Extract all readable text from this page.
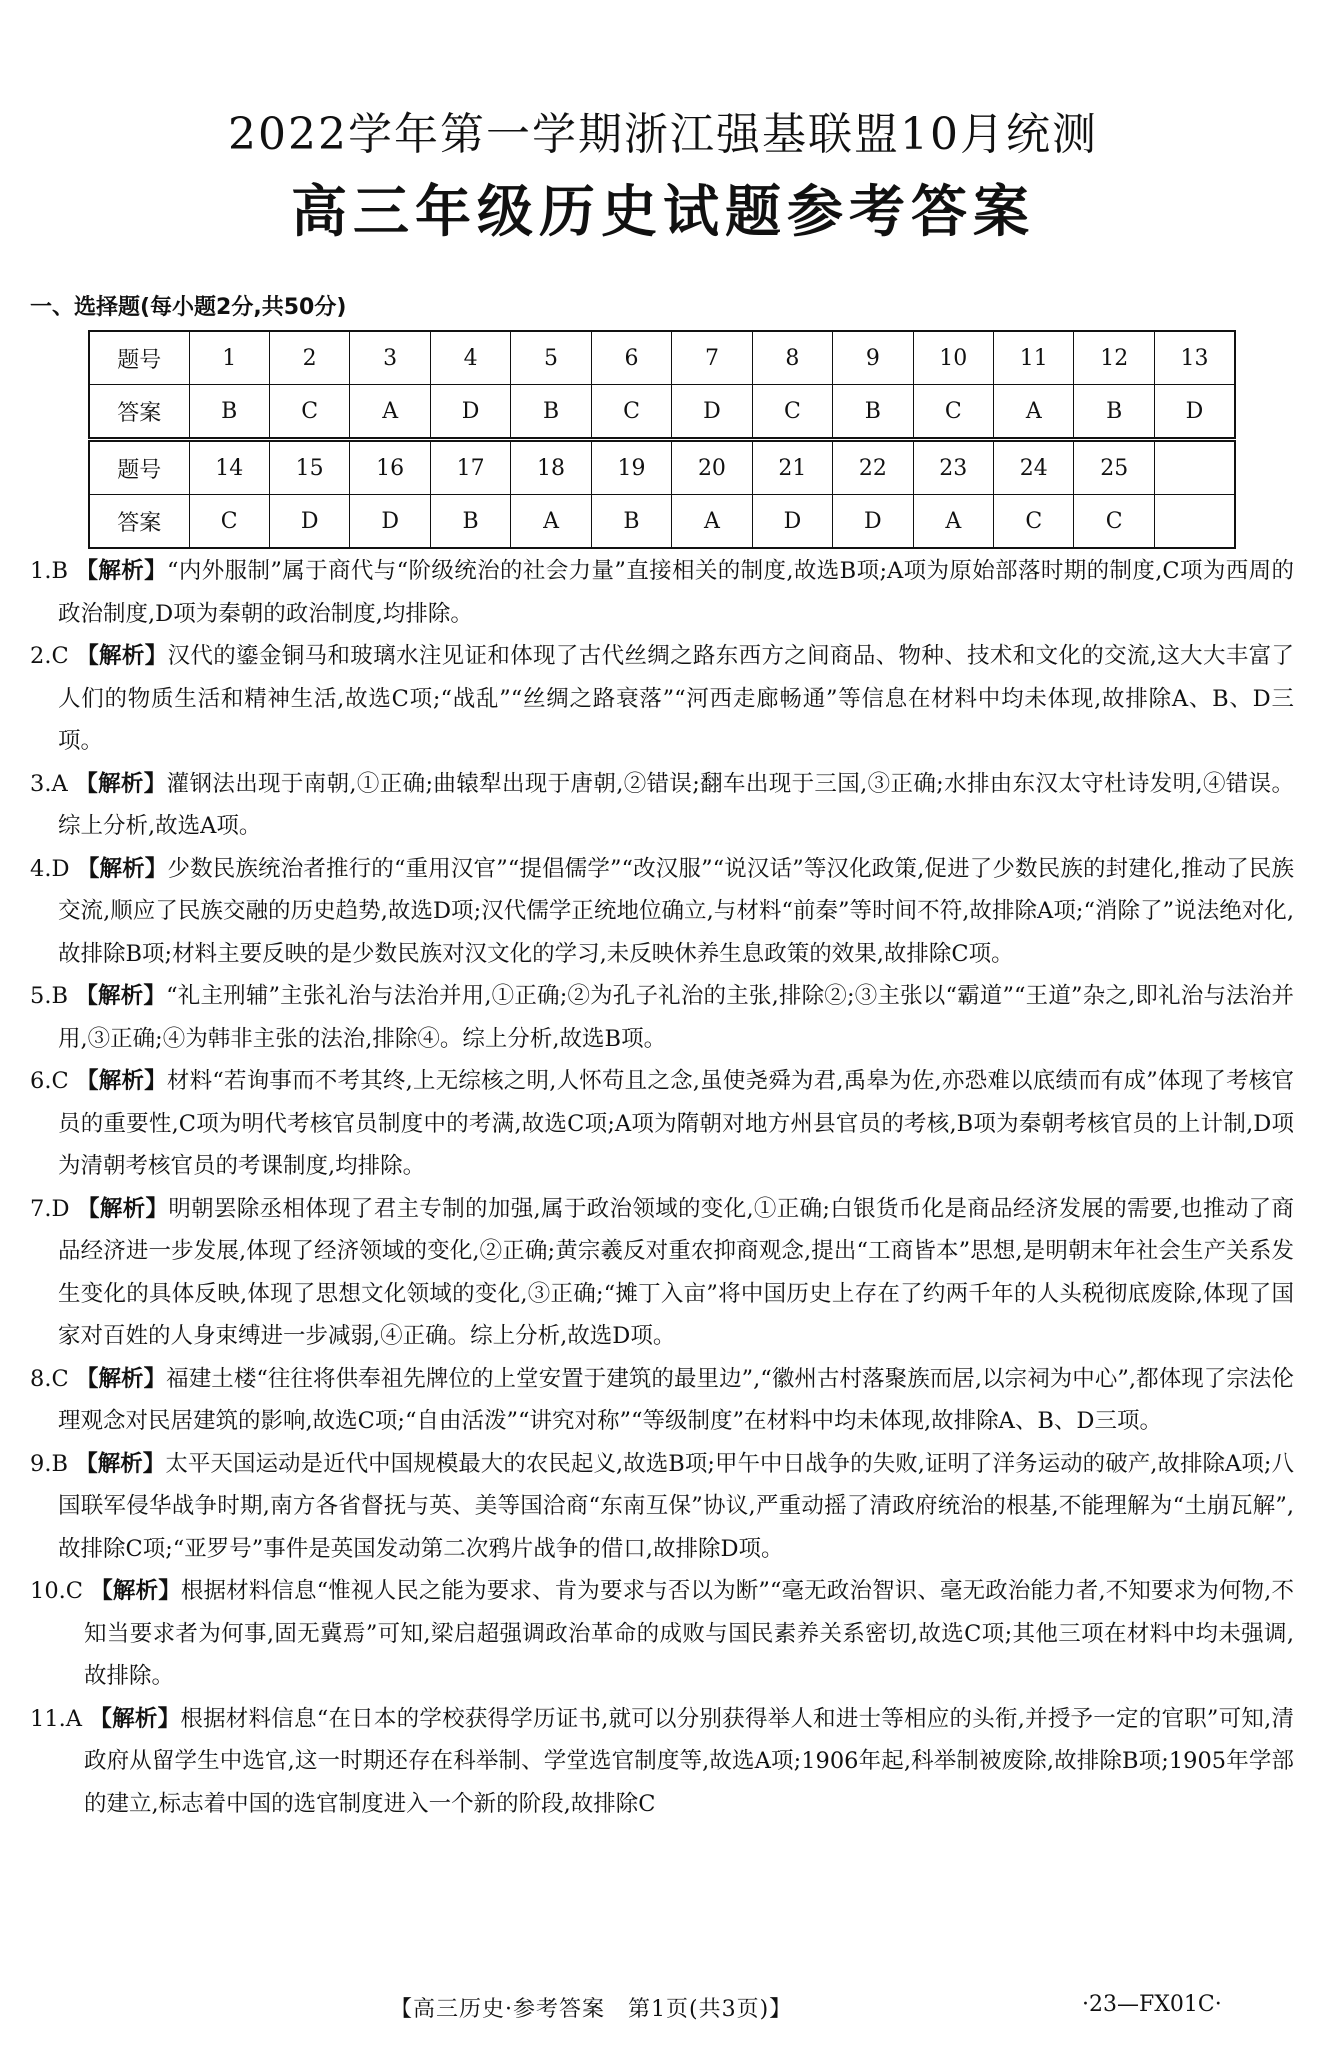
2022学年第一学期浙江强基联盟10月统测
高三年级历史试题参考答案
一、选择题(每小题2分,共50分)
题号	1	2	3	4	5	6	7	8	9	10	11	12	13
答案	B	C	A	D	B	C	D	C	B	C	A	B	D
题号	14	15	16	17	18	19	20	21	22	23	24	25	
答案	C	D	D	B	A	B	A	D	D	A	C	C	

1.B 【解析】“内外服制”属于商代与“阶级统治的社会力量”直接相关的制度,故选B项;A项为原始部落时期的制度,C项为西周的政治制度,D项为秦朝的政治制度,均排除。

2.C 【解析】汉代的鎏金铜马和玻璃水注见证和体现了古代丝绸之路东西方之间商品、物种、技术和文化的交流,这大大丰富了人们的物质生活和精神生活,故选C项;“战乱”“丝绸之路衰落”“河西走廊畅通”等信息在材料中均未体现,故排除A、B、D三项。

3.A 【解析】灌钢法出现于南朝,①正确;曲辕犁出现于唐朝,②错误;翻车出现于三国,③正确;水排由东汉太守杜诗发明,④错误。综上分析,故选A项。

4.D 【解析】少数民族统治者推行的“重用汉官”“提倡儒学”“改汉服”“说汉话”等汉化政策,促进了少数民族的封建化,推动了民族交流,顺应了民族交融的历史趋势,故选D项;汉代儒学正统地位确立,与材料“前秦”等时间不符,故排除A项;“消除了”说法绝对化,故排除B项;材料主要反映的是少数民族对汉文化的学习,未反映休养生息政策的效果,故排除C项。

5.B 【解析】“礼主刑辅”主张礼治与法治并用,①正确;②为孔子礼治的主张,排除②;③主张以“霸道”“王道”杂之,即礼治与法治并用,③正确;④为韩非主张的法治,排除④。综上分析,故选B项。

6.C 【解析】材料“若询事而不考其终,上无综核之明,人怀苟且之念,虽使尧舜为君,禹皋为佐,亦恐难以底绩而有成”体现了考核官员的重要性,C项为明代考核官员制度中的考满,故选C项;A项为隋朝对地方州县官员的考核,B项为秦朝考核官员的上计制,D项为清朝考核官员的考课制度,均排除。

7.D 【解析】明朝罢除丞相体现了君主专制的加强,属于政治领域的变化,①正确;白银货币化是商品经济发展的需要,也推动了商品经济进一步发展,体现了经济领域的变化,②正确;黄宗羲反对重农抑商观念,提出“工商皆本”思想,是明朝末年社会生产关系发生变化的具体反映,体现了思想文化领域的变化,③正确;“摊丁入亩”将中国历史上存在了约两千年的人头税彻底废除,体现了国家对百姓的人身束缚进一步减弱,④正确。综上分析,故选D项。

8.C 【解析】福建土楼“往往将供奉祖先牌位的上堂安置于建筑的最里边”,“徽州古村落聚族而居,以宗祠为中心”,都体现了宗法伦理观念对民居建筑的影响,故选C项;“自由活泼”“讲究对称”“等级制度”在材料中均未体现,故排除A、B、D三项。

9.B 【解析】太平天国运动是近代中国规模最大的农民起义,故选B项;甲午中日战争的失败,证明了洋务运动的破产,故排除A项;八国联军侵华战争时期,南方各省督抚与英、美等国洽商“东南互保”协议,严重动摇了清政府统治的根基,不能理解为“土崩瓦解”,故排除C项;“亚罗号”事件是英国发动第二次鸦片战争的借口,故排除D项。

10.C 【解析】根据材料信息“惟视人民之能为要求、肯为要求与否以为断”“毫无政治智识、毫无政治能力者,不知要求为何物,不知当要求者为何事,固无冀焉”可知,梁启超强调政治革命的成败与国民素养关系密切,故选C项;其他三项在材料中均未强调,故排除。

11.A 【解析】根据材料信息“在日本的学校获得学历证书,就可以分别获得举人和进士等相应的头衔,并授予一定的官职”可知,清政府从留学生中选官,这一时期还存在科举制、学堂选官制度等,故选A项;1906年起,科举制被废除,故排除B项;1905年学部的建立,标志着中国的选官制度进入一个新的阶段,故排除C

【高三历史·参考答案　第1页(共3页)】	·23—FX01C·
